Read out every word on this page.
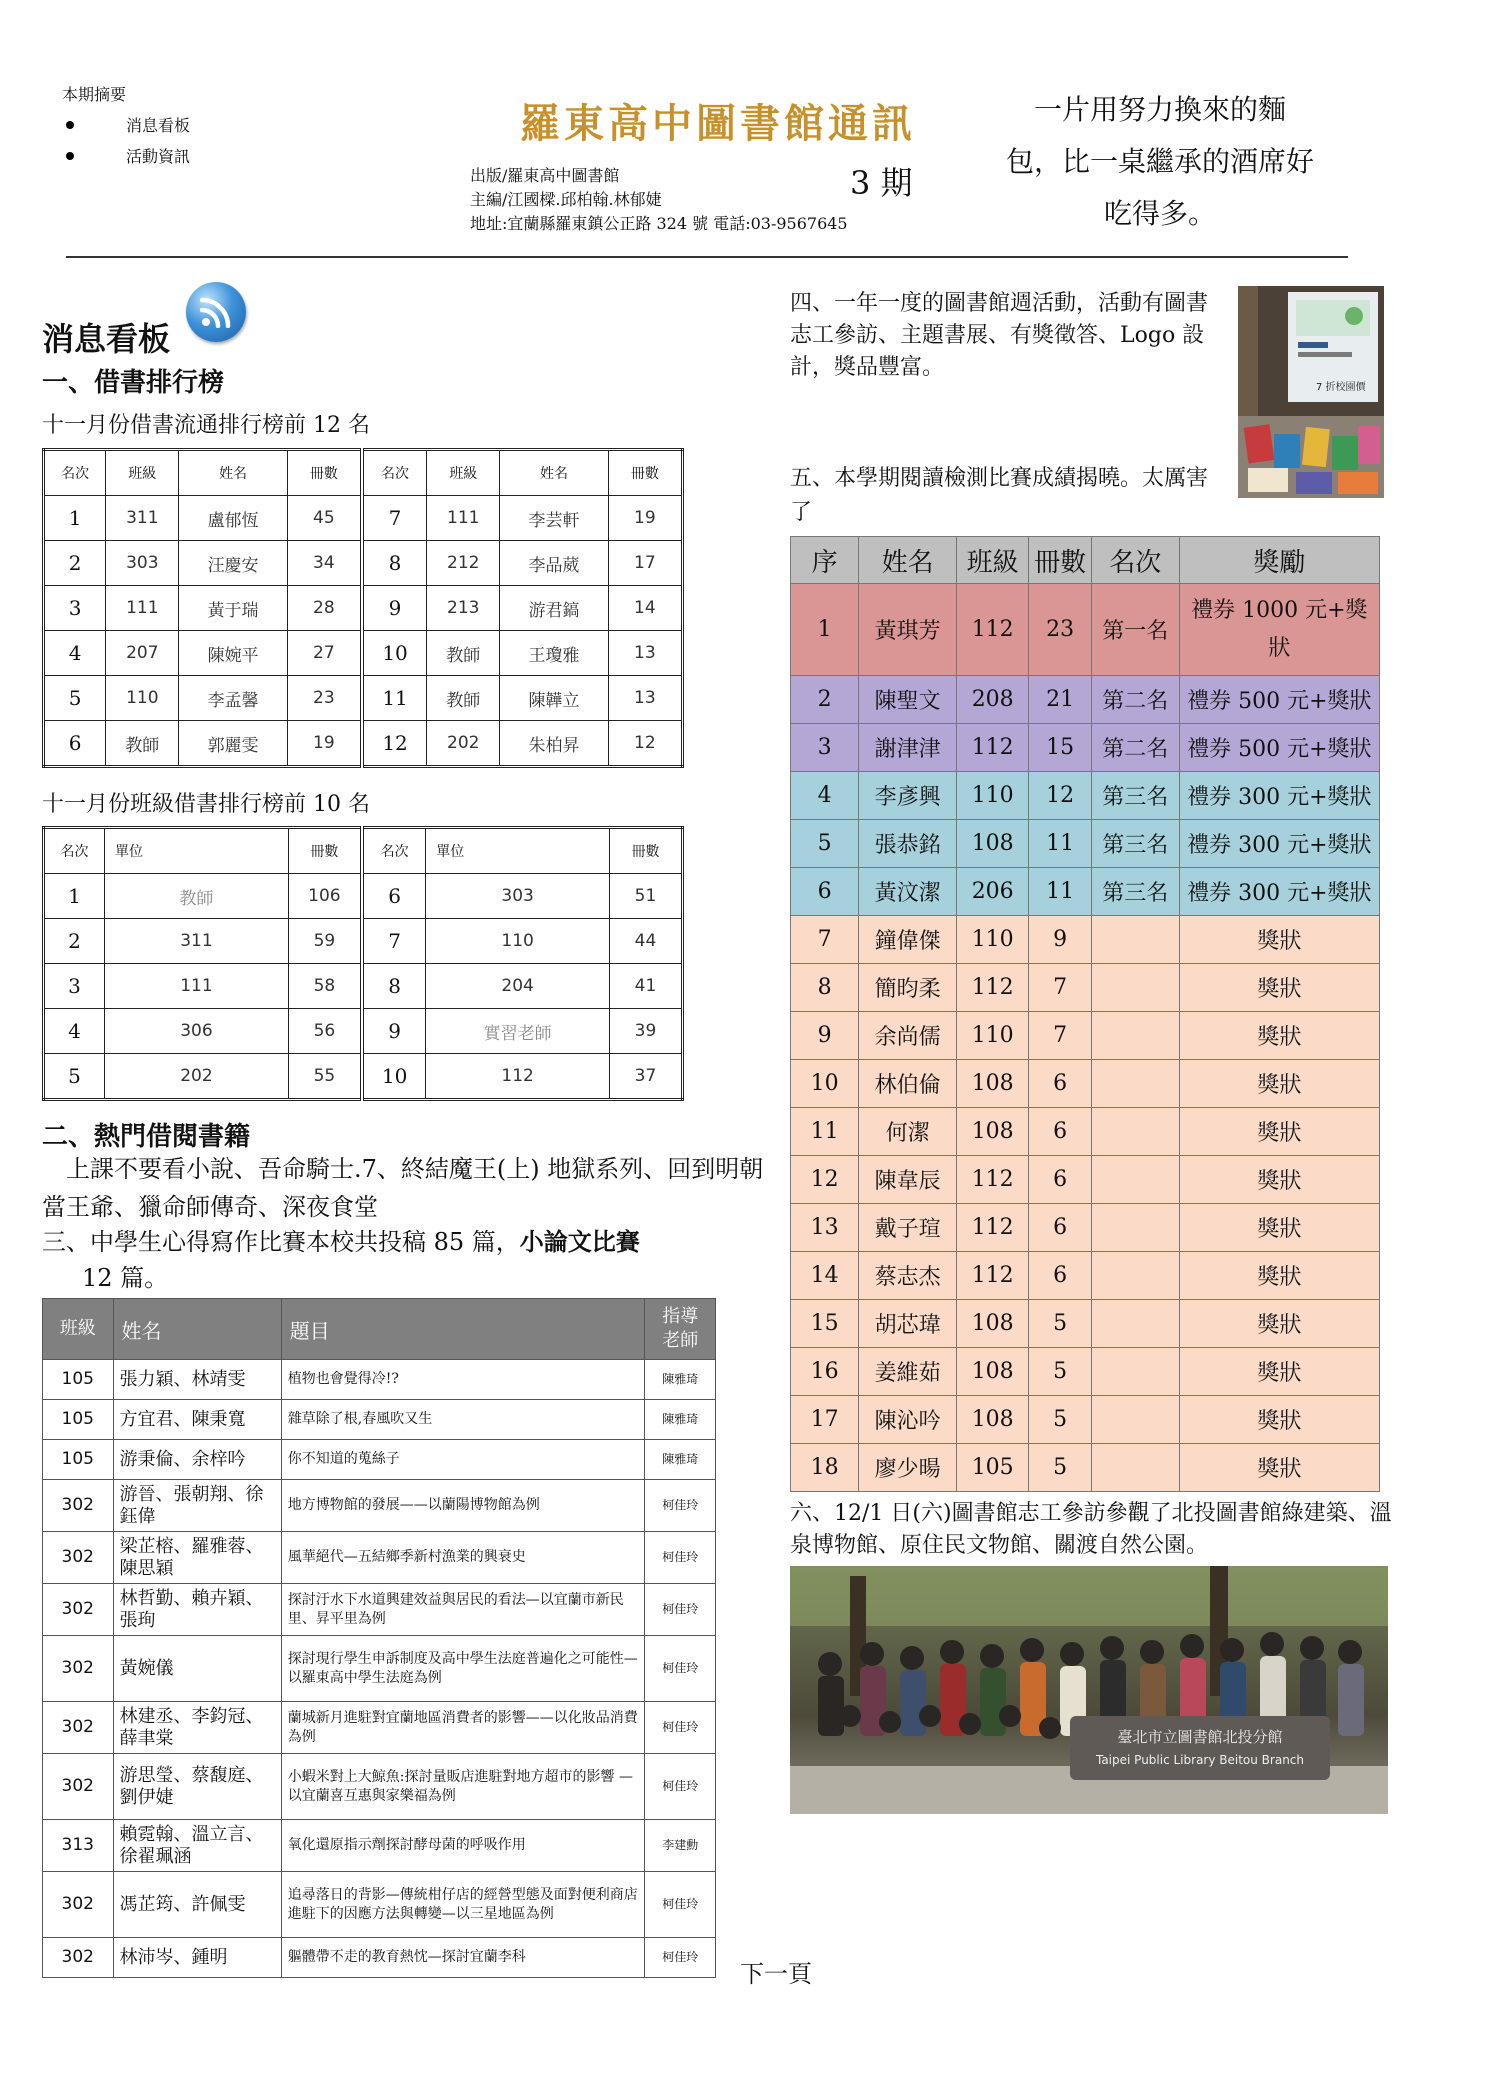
本期摘要
消息看板
活動資訊
羅東高中圖書館通訊
出版/羅東高中圖書館
主編/江國樑.邱柏翰.林郁婕
地址:宜蘭縣羅東鎮公正路 324 號 電話:03-9567645
3 期
一片用努力換來的麵
包，比一桌繼承的酒席好
吃得多。
消息看板
一、借書排行榜
十一月份借書流通排行榜前 12 名
名次	班級	姓名	冊數	名次	班級	姓名	冊數
1	311	盧郁恆	45	7	111	李芸軒	19
2	303	汪慶安	34	8	212	李品葳	17
3	111	黃于瑞	28	9	213	游君鎬	14
4	207	陳婉平	27	10	教師	王瓊雅	13
5	110	李孟馨	23	11	教師	陳韡立	13
6	教師	郭麗雯	19	12	202	朱柏昇	12
十一月份班級借書排行榜前 10 名
名次	單位	冊數	名次	單位	冊數
1	教師	106	6	303	51
2	311	59	7	110	44
3	111	58	8	204	41
4	306	56	9	實習老師	39
5	202	55	10	112	37
二、熱門借閱書籍
上課不要看小說、吾命騎士.7、終結魔王(上) 地獄系列、回到明朝當王爺、獵命師傳奇、深夜食堂
三、中學生心得寫作比賽本校共投稿 85 篇，小論文比賽
12 篇。
班級	姓名	題目	指導老師
105	張力穎、林靖雯	植物也會覺得冷!?	陳雅琦
105	方宜君、陳秉寬	雜草除了根,春風吹又生	陳雅琦
105	游秉倫、余梓吟	你不知道的蒐絲子	陳雅琦
302	游晉、張朝翔、徐鈺偉	地方博物館的發展——以蘭陽博物館為例	柯佳玲
302	梁芷榕、羅雅蓉、陳思穎	風華絕代—五結鄉季新村漁業的興衰史	柯佳玲
302	林哲勤、賴卉穎、張珣	探討汙水下水道興建效益與居民的看法—以宜蘭市新民里、昇平里為例	柯佳玲
302	黃婉儀	探討現行學生申訴制度及高中學生法庭普遍化之可能性—以羅東高中學生法庭為例	柯佳玲
302	林建丞、李鈞冠、薛聿棠	蘭城新月進駐對宜蘭地區消費者的影響——以化妝品消費為例	柯佳玲
302	游思瑩、蔡馥庭、劉伊婕	小蝦米對上大鯨魚:探討量販店進駐對地方超市的影響 —以宜蘭喜互惠與家樂福為例	柯佳玲
313	賴霓翰、溫立言、徐翟珮涵	氧化還原指示劑探討酵母菌的呼吸作用	李建勳
302	馮芷筠、許佩雯	追尋落日的背影—傳統柑仔店的經營型態及面對便利商店進駐下的因應方法與轉變—以三星地區為例	柯佳玲
302	林沛岑、鍾明	軀體帶不走的教育熱忱—探討宜蘭李科	柯佳玲
四、一年一度的圖書館週活動，活動有圖書志工參訪、主題書展、有獎徵答、Logo 設計，獎品豐富。
7 折校園價
五、本學期閱讀檢測比賽成績揭曉。太厲害了
序	姓名	班級	冊數	名次	獎勵
1	黃琪芳	112	23	第一名	禮券 1000 元+獎狀
2	陳聖文	208	21	第二名	禮券 500 元+獎狀
3	謝津津	112	15	第二名	禮券 500 元+獎狀
4	李彥興	110	12	第三名	禮券 300 元+獎狀
5	張恭銘	108	11	第三名	禮券 300 元+獎狀
6	黃汶潔	206	11	第三名	禮券 300 元+獎狀
7	鐘偉傑	110	9		獎狀
8	簡昀柔	112	7		獎狀
9	余尚儒	110	7		獎狀
10	林伯倫	108	6		獎狀
11	何潔	108	6		獎狀
12	陳韋辰	112	6		獎狀
13	戴子瑄	112	6		獎狀
14	蔡志杰	112	6		獎狀
15	胡芯瑋	108	5		獎狀
16	姜維茹	108	5		獎狀
17	陳沁吟	108	5		獎狀
18	廖少暘	105	5		獎狀
六、12/1 日(六)圖書館志工參訪參觀了北投圖書館綠建築、溫泉博物館、原住民文物館、關渡自然公園。
臺北市立圖書館北投分館
Taipei Public Library Beitou Branch
下一頁
